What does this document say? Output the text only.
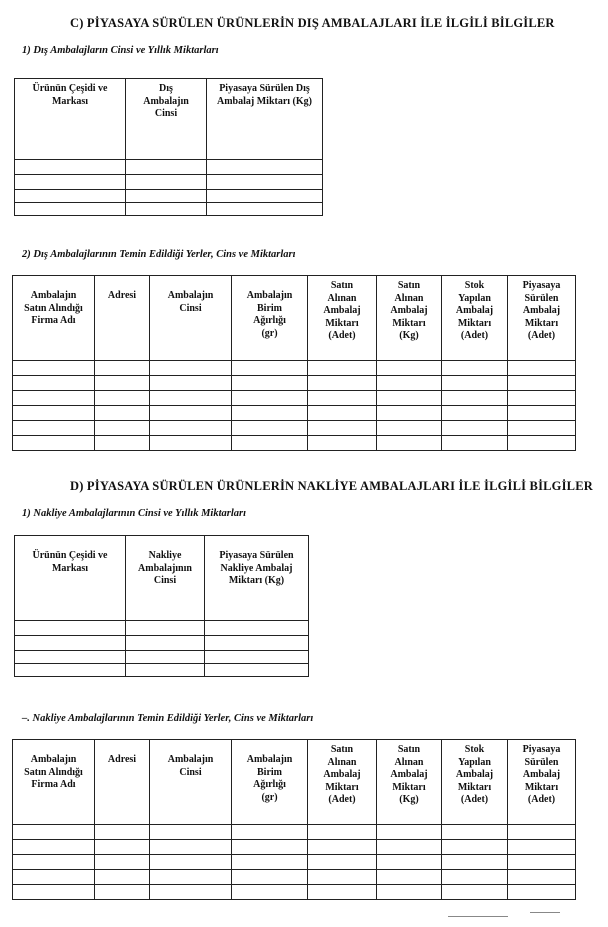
C) PİYASAYA SÜRÜLEN ÜRÜNLERİN DIŞ AMBALAJLARI İLE İLGİLİ BİLGİLER
1) Dış Ambalajların Cinsi ve Yıllık Miktarları
Ürünün Çeşidi ve Markası	Dış Ambalajın Cinsi	Piyasaya Sürülen Dış Ambalaj Miktarı (Kg)

2) Dış Ambalajlarının Temin Edildiği Yerler, Cins ve Miktarları
Ambalajın Satın Alındığı Firma Adı	Adresi	Ambalajın Cinsi	Ambalajın Birim Ağırlığı (gr)	Satın Alınan Ambalaj Miktarı (Adet)	Satın Alınan Ambalaj Miktarı (Kg)	Stok Yapılan Ambalaj Miktarı (Adet)	Piyasaya Sürülen Ambalaj Miktarı (Adet)

D) PİYASAYA SÜRÜLEN ÜRÜNLERİN NAKLİYE AMBALAJLARI İLE İLGİLİ BİLGİLER
1) Nakliye Ambalajlarının Cinsi ve Yıllık Miktarları
Ürünün Çeşidi ve Markası	Nakliye Ambalajının Cinsi	Piyasaya Sürülen Nakliye Ambalaj Miktarı (Kg)

–. Nakliye Ambalajlarının Temin Edildiği Yerler, Cins ve Miktarları
Ambalajın Satın Alındığı Firma Adı	Adresi	Ambalajın Cinsi	Ambalajın Birim Ağırlığı (gr)	Satın Alınan Ambalaj Miktarı (Adet)	Satın Alınan Ambalaj Miktarı (Kg)	Stok Yapılan Ambalaj Miktarı (Adet)	Piyasaya Sürülen Ambalaj Miktarı (Adet)
